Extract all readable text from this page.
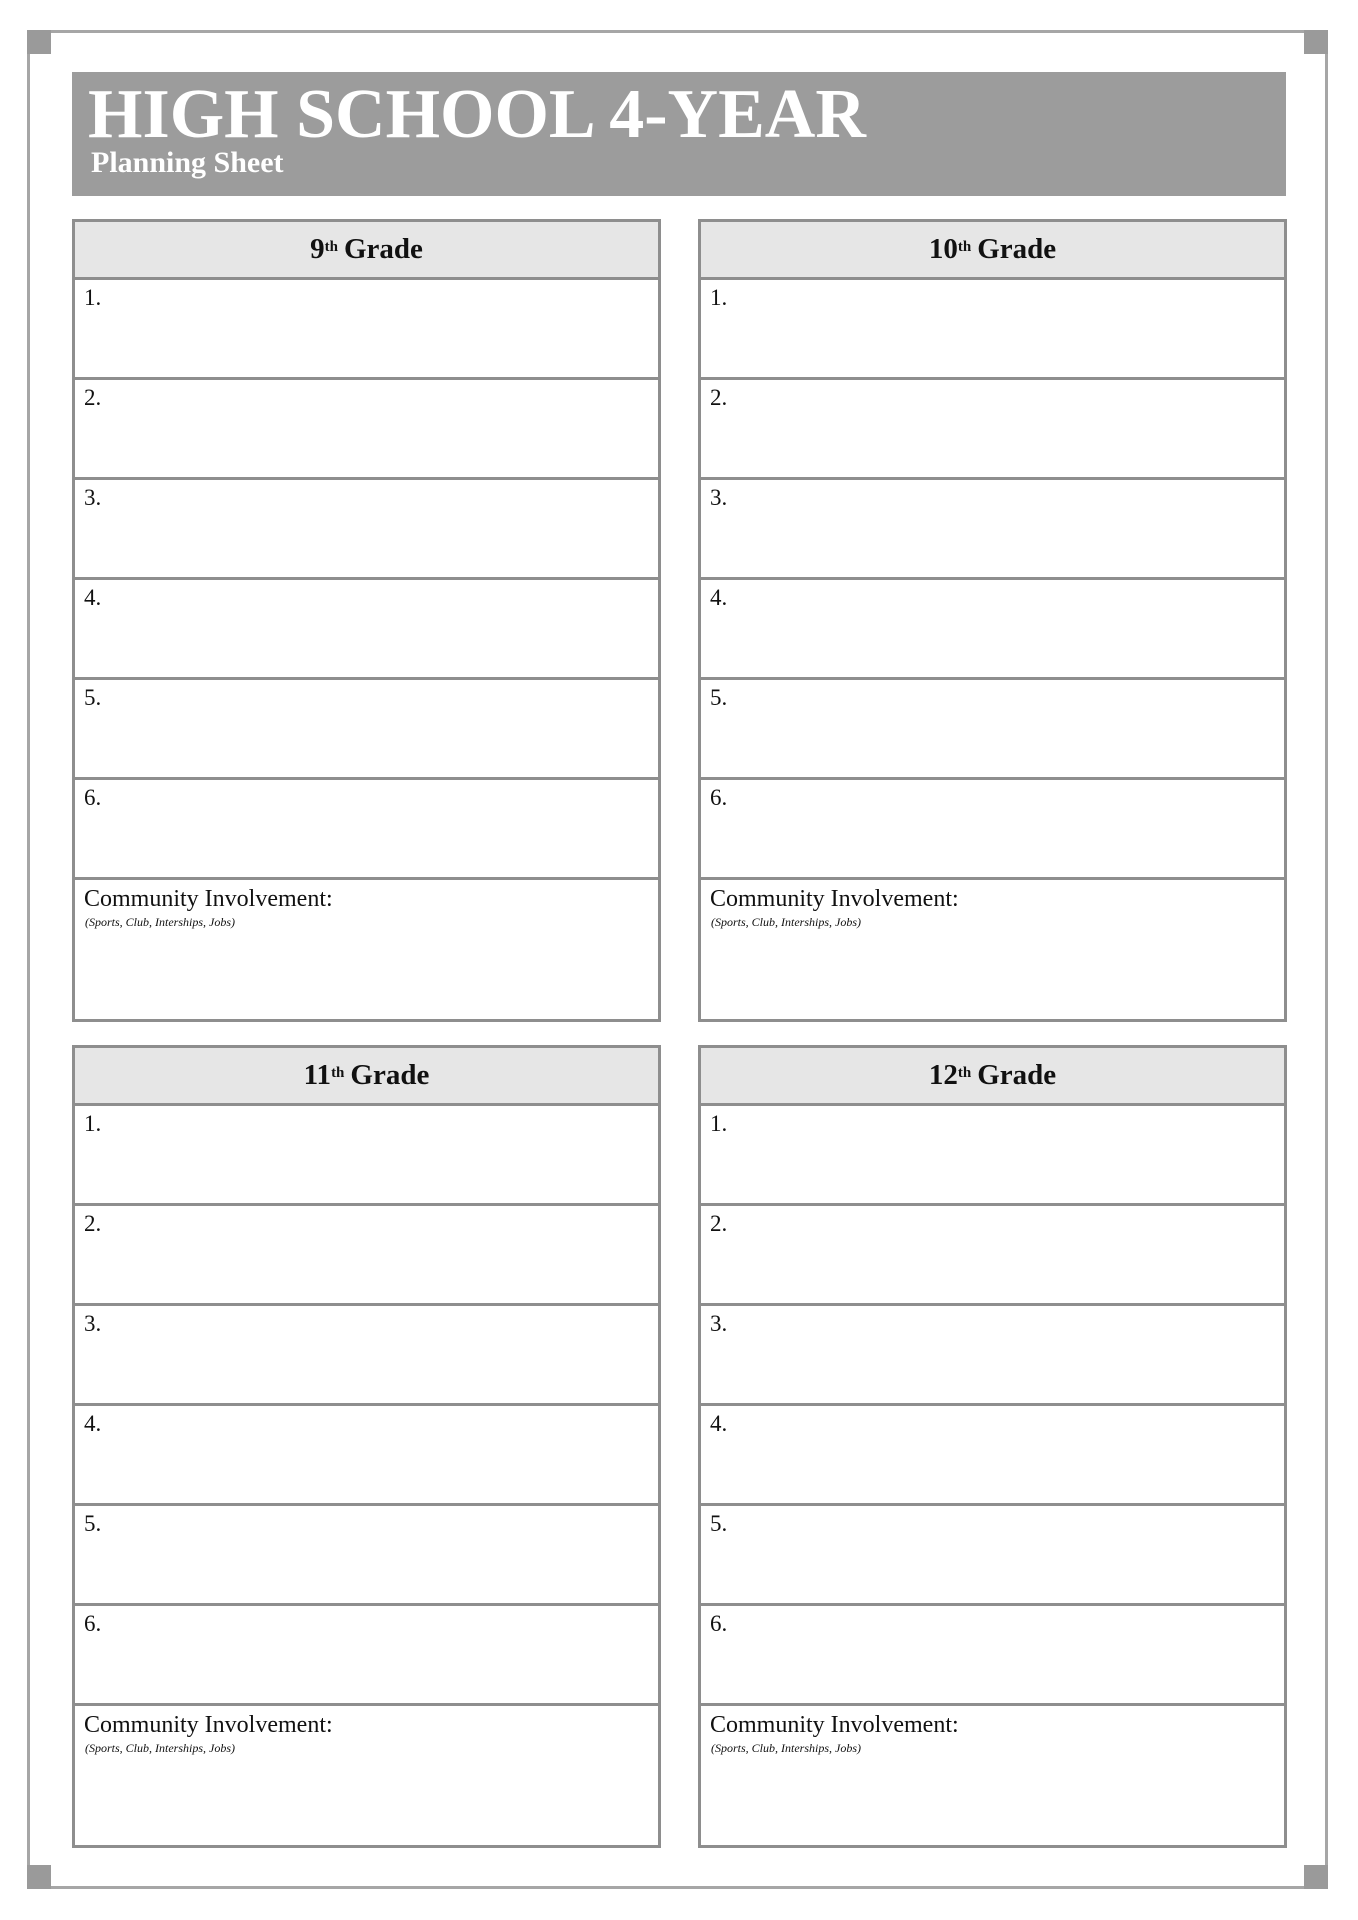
HIGH SCHOOL 4-YEAR
Planning Sheet
9th Grade
1.
2.
3.
4.
5.
6.
Community Involvement:
(Sports, Club, Interships, Jobs)
10th Grade
1.
2.
3.
4.
5.
6.
Community Involvement:
(Sports, Club, Interships, Jobs)
11th Grade
1.
2.
3.
4.
5.
6.
Community Involvement:
(Sports, Club, Interships, Jobs)
12th Grade
1.
2.
3.
4.
5.
6.
Community Involvement:
(Sports, Club, Interships, Jobs)
